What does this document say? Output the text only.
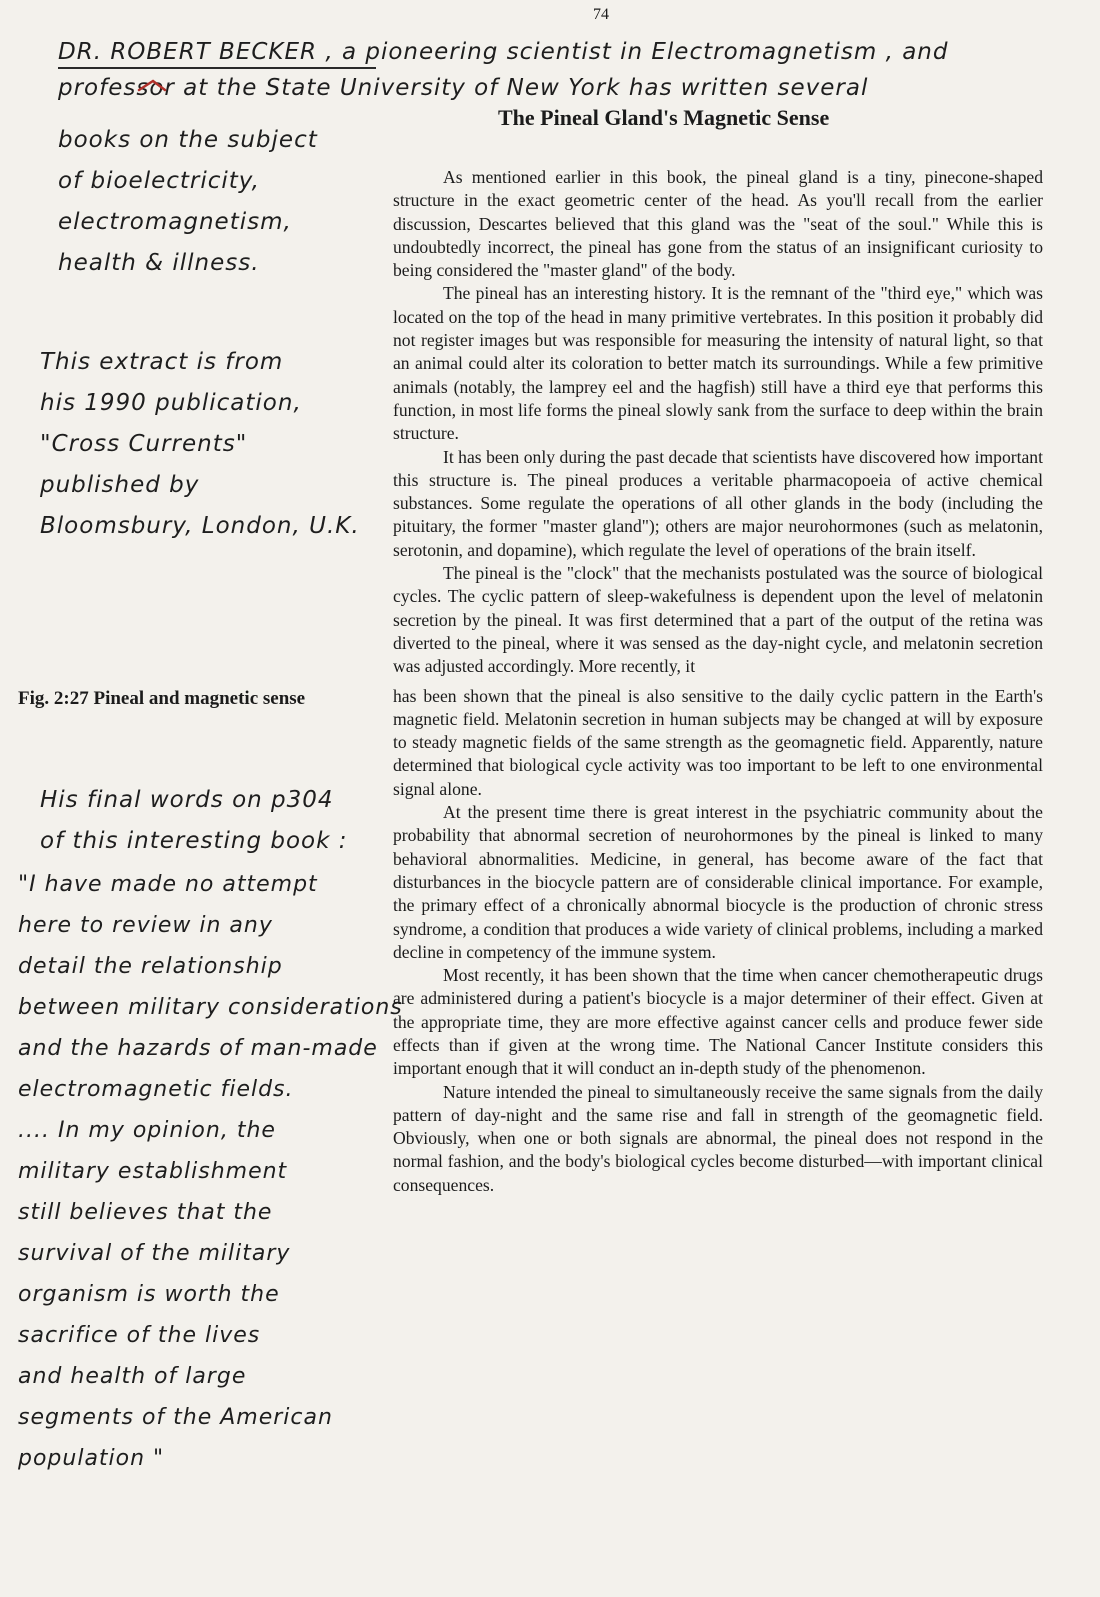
74
DR. ROBERT BECKER , a pioneering scientist in Electromagnetism , and
professor at the State University of New York has written several
books on the subject
of bioelectricity,
electromagnetism,
health & illness.
This extract is from
his 1990 publication,
"Cross Currents"
published by
Bloomsbury, London, U.K.
Fig. 2:27 Pineal and magnetic sense
His final words on p304
of this interesting book :
"I have made no attempt
here to review in any
detail the relationship
between military considerations
and the hazards of man-made
electromagnetic fields.
.... In my opinion, the
military establishment
still believes that the
survival of the military
organism is worth the
sacrifice of the lives
and health of large
segments of the American
population "
The Pineal Gland's Magnetic Sense

As mentioned earlier in this book, the pineal gland is a tiny, pinecone-shaped structure in the exact geometric center of the head. As you'll recall from the earlier discussion, Descartes believed that this gland was the "seat of the soul." While this is undoubtedly incorrect, the pineal has gone from the status of an insignificant curiosity to being considered the "master gland" of the body.

The pineal has an interesting history. It is the remnant of the "third eye," which was located on the top of the head in many primitive vertebrates. In this position it probably did not register images but was responsible for measuring the intensity of natural light, so that an animal could alter its coloration to better match its surroundings. While a few primitive animals (notably, the lamprey eel and the hagfish) still have a third eye that performs this function, in most life forms the pineal slowly sank from the surface to deep within the brain structure.

It has been only during the past decade that scientists have discovered how important this structure is. The pineal produces a veritable pharmacopoeia of active chemical substances. Some regulate the operations of all other glands in the body (including the pituitary, the former "master gland"); others are major neurohormones (such as melatonin, serotonin, and dopamine), which regulate the level of operations of the brain itself.

The pineal is the "clock" that the mechanists postulated was the source of biological cycles. The cyclic pattern of sleep-wakefulness is dependent upon the level of melatonin secretion by the pineal. It was first determined that a part of the output of the retina was diverted to the pineal, where it was sensed as the day-night cycle, and melatonin secretion was adjusted accordingly. More recently, it

has been shown that the pineal is also sensitive to the daily cyclic pattern in the Earth's magnetic field. Melatonin secretion in human subjects may be changed at will by exposure to steady magnetic fields of the same strength as the geomagnetic field. Apparently, nature determined that biological cycle activity was too important to be left to one environmental signal alone.

At the present time there is great interest in the psychiatric community about the probability that abnormal secretion of neurohormones by the pineal is linked to many behavioral abnormalities. Medicine, in general, has become aware of the fact that disturbances in the biocycle pattern are of considerable clinical importance. For example, the primary effect of a chronically abnormal biocycle is the production of chronic stress syndrome, a condition that produces a wide variety of clinical problems, including a marked decline in competency of the immune system.

Most recently, it has been shown that the time when cancer chemotherapeutic drugs are administered during a patient's biocycle is a major determiner of their effect. Given at the appropriate time, they are more effective against cancer cells and produce fewer side effects than if given at the wrong time. The National Cancer Institute considers this important enough that it will conduct an in-depth study of the phenomenon.

Nature intended the pineal to simultaneously receive the same signals from the daily pattern of day-night and the same rise and fall in strength of the geomagnetic field. Obviously, when one or both signals are abnormal, the pineal does not respond in the normal fashion, and the body's biological cycles become disturbed—with important clinical consequences.
